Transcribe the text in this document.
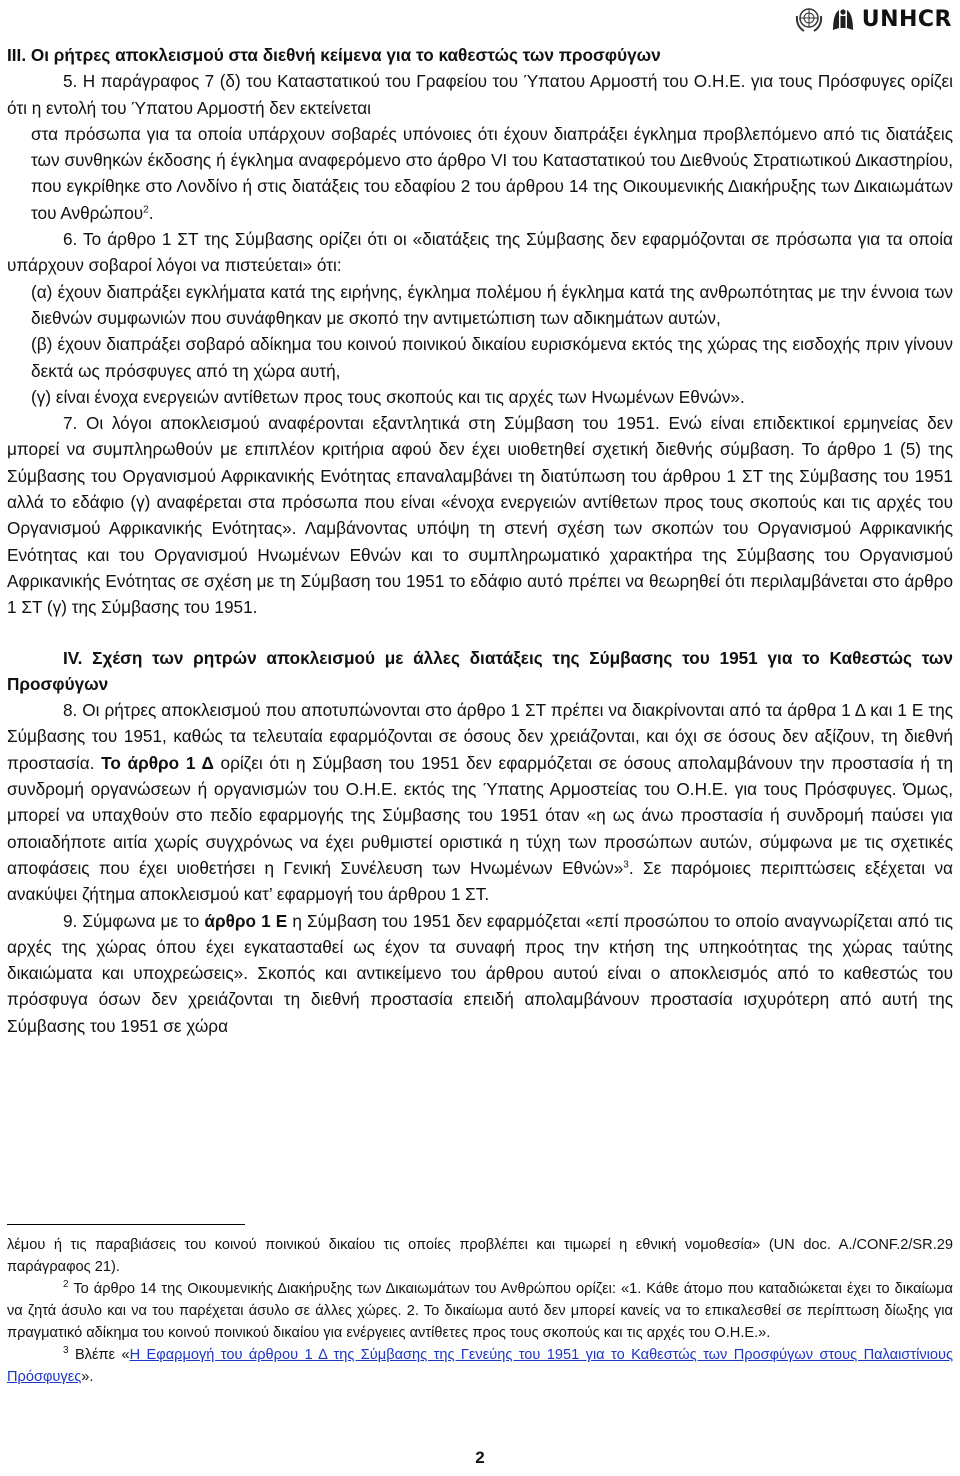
UNHCR

III. Οι ρήτρες αποκλεισμού στα διεθνή κείμενα για το καθεστώς των προσφύγων

5. Η παράγραφος 7 (δ) του Καταστατικού του Γραφείου του Ύπατου Αρμοστή του Ο.Η.Ε. για τους Πρόσφυγες ορίζει ότι η εντολή του Ύπατου Αρμοστή δεν εκτείνεται

στα πρόσωπα για τα οποία υπάρχουν σοβαρές υπόνοιες ότι έχουν διαπράξει έγκλημα προβλεπόμενο από τις διατάξεις των συνθηκών έκδοσης ή έγκλημα αναφερόμενο στο άρθρο VI του Καταστατικού του Διεθνούς Στρατιωτικού Δικαστηρίου, που εγκρίθηκε στο Λονδίνο ή στις διατάξεις του εδαφίου 2 του άρθρου 14 της Οικουμενικής Διακήρυξης των Δικαιωμάτων του Ανθρώπου$^2$.

6. Το άρθρο 1 ΣΤ της Σύμβασης ορίζει ότι οι «διατάξεις της Σύμβασης δεν εφαρμόζονται σε πρόσωπα για τα οποία υπάρχουν σοβαροί λόγοι να πιστεύεται» ότι:

(α) έχουν διαπράξει εγκλήματα κατά της ειρήνης, έγκλημα πολέμου ή έγκλημα κατά της ανθρωπότητας με την έννοια των διεθνών συμφωνιών που συνάφθηκαν με σκοπό την αντιμετώπιση των αδικημάτων αυτών,

(β) έχουν διαπράξει σοβαρό αδίκημα του κοινού ποινικού δικαίου ευρισκόμενα εκτός της χώρας της εισδοχής πριν γίνουν δεκτά ως πρόσφυγες από τη χώρα αυτή,

(γ) είναι ένοχα ενεργειών αντίθετων προς τους σκοπούς και τις αρχές των Ηνωμένων Εθνών».

7. Οι λόγοι αποκλεισμού αναφέρονται εξαντλητικά στη Σύμβαση του 1951. Ενώ είναι επιδεκτικοί ερμηνείας δεν μπορεί να συμπληρωθούν με επιπλέον κριτήρια αφού δεν έχει υιοθετηθεί σχετική διεθνής σύμβαση. Το άρθρο 1 (5) της Σύμβασης του Οργανισμού Αφρικανικής Ενότητας επαναλαμβάνει τη διατύπωση του άρθρου 1 ΣΤ της Σύμβασης του 1951 αλλά το εδάφιο (γ) αναφέρεται στα πρόσωπα που είναι «ένοχα ενεργειών αντίθετων προς τους σκοπούς και τις αρχές του Οργανισμού Αφρικανικής Ενότητας». Λαμβάνοντας υπόψη τη στενή σχέση των σκοπών του Οργανισμού Αφρικανικής Ενότητας και του Οργανισμού Ηνωμένων Εθνών και το συμπληρωματικό χαρακτήρα της Σύμβασης του Οργανισμού Αφρικανικής Ενότητας σε σχέση με τη Σύμβαση του 1951 το εδάφιο αυτό πρέπει να θεωρηθεί ότι περιλαμβάνεται στο άρθρο 1 ΣΤ (γ) της Σύμβασης του 1951.

IV. Σχέση των ρητρών αποκλεισμού με άλλες διατάξεις της Σύμβασης του 1951 για το Καθεστώς των Προσφύγων

8. Οι ρήτρες αποκλεισμού που αποτυπώνονται στο άρθρο 1 ΣΤ πρέπει να διακρίνονται από τα άρθρα 1 Δ και 1 Ε της Σύμβασης του 1951, καθώς τα τελευταία εφαρμόζονται σε όσους δεν χρειάζονται, και όχι σε όσους δεν αξίζουν, τη διεθνή προστασία. Το άρθρο 1 Δ ορίζει ότι η Σύμβαση του 1951 δεν εφαρμόζεται σε όσους απολαμβάνουν την προστασία ή τη συνδρομή οργανώσεων ή οργανισμών του Ο.Η.Ε. εκτός της Ύπατης Αρμοστείας του Ο.Η.Ε. για τους Πρόσφυγες. Όμως, μπορεί να υπαχθούν στο πεδίο εφαρμογής της Σύμβασης του 1951 όταν «η ως άνω προστασία ή συνδρομή παύσει για οποιαδήποτε αιτία χωρίς συγχρόνως να έχει ρυθμιστεί οριστικά η τύχη των προσώπων αυτών, σύμφωνα με τις σχετικές αποφάσεις που έχει υιοθετήσει η Γενική Συνέλευση των Ηνωμένων Εθνών»$^3$. Σε παρόμοιες περιπτώσεις εξέχεται να ανακύψει ζήτημα αποκλεισμού κατ’ εφαρμογή του άρθρου 1 ΣΤ.

9. Σύμφωνα με το άρθρο 1 Ε η Σύμβαση του 1951 δεν εφαρμόζεται «επί προσώπου το οποίο αναγνωρίζεται από τις αρχές της χώρας όπου έχει εγκατασταθεί ως έχον τα συναφή προς την κτήση της υπηκοότητας της χώρας ταύτης δικαιώματα και υποχρεώσεις». Σκοπός και αντικείμενο του άρθρου αυτού είναι ο αποκλεισμός από το καθεστώς του πρόσφυγα όσων δεν χρειάζονται τη διεθνή προστασία επειδή απολαμβάνουν προστασία ισχυρότερη από αυτή της Σύμβασης του 1951 σε χώρα

λέμου ή τις παραβιάσεις του κοινού ποινικού δικαίου τις οποίες προβλέπει και τιμωρεί η εθνική νομοθεσία» (UN doc. A./CONF.2/SR.29 παράγραφος 21).

$^2$ Το άρθρο 14 της Οικουμενικής Διακήρυξης των Δικαιωμάτων του Ανθρώπου ορίζει: «1. Κάθε άτομο που καταδιώκεται έχει το δικαίωμα να ζητά άσυλο και να του παρέχεται άσυλο σε άλλες χώρες. 2. Το δικαίωμα αυτό δεν μπορεί κανείς να το επικαλεσθεί σε περίπτωση δίωξης για πραγματικό αδίκημα του κοινού ποινικού δικαίου για ενέργειες αντίθετες προς τους σκοπούς και τις αρχές του Ο.Η.Ε.».

$^3$ Βλέπε «Η Εφαρμογή του άρθρου 1 Δ της Σύμβασης της Γενεύης του 1951 για το Καθεστώς των Προσφύγων στους Παλαιστίνιους Πρόσφυγες».

2
